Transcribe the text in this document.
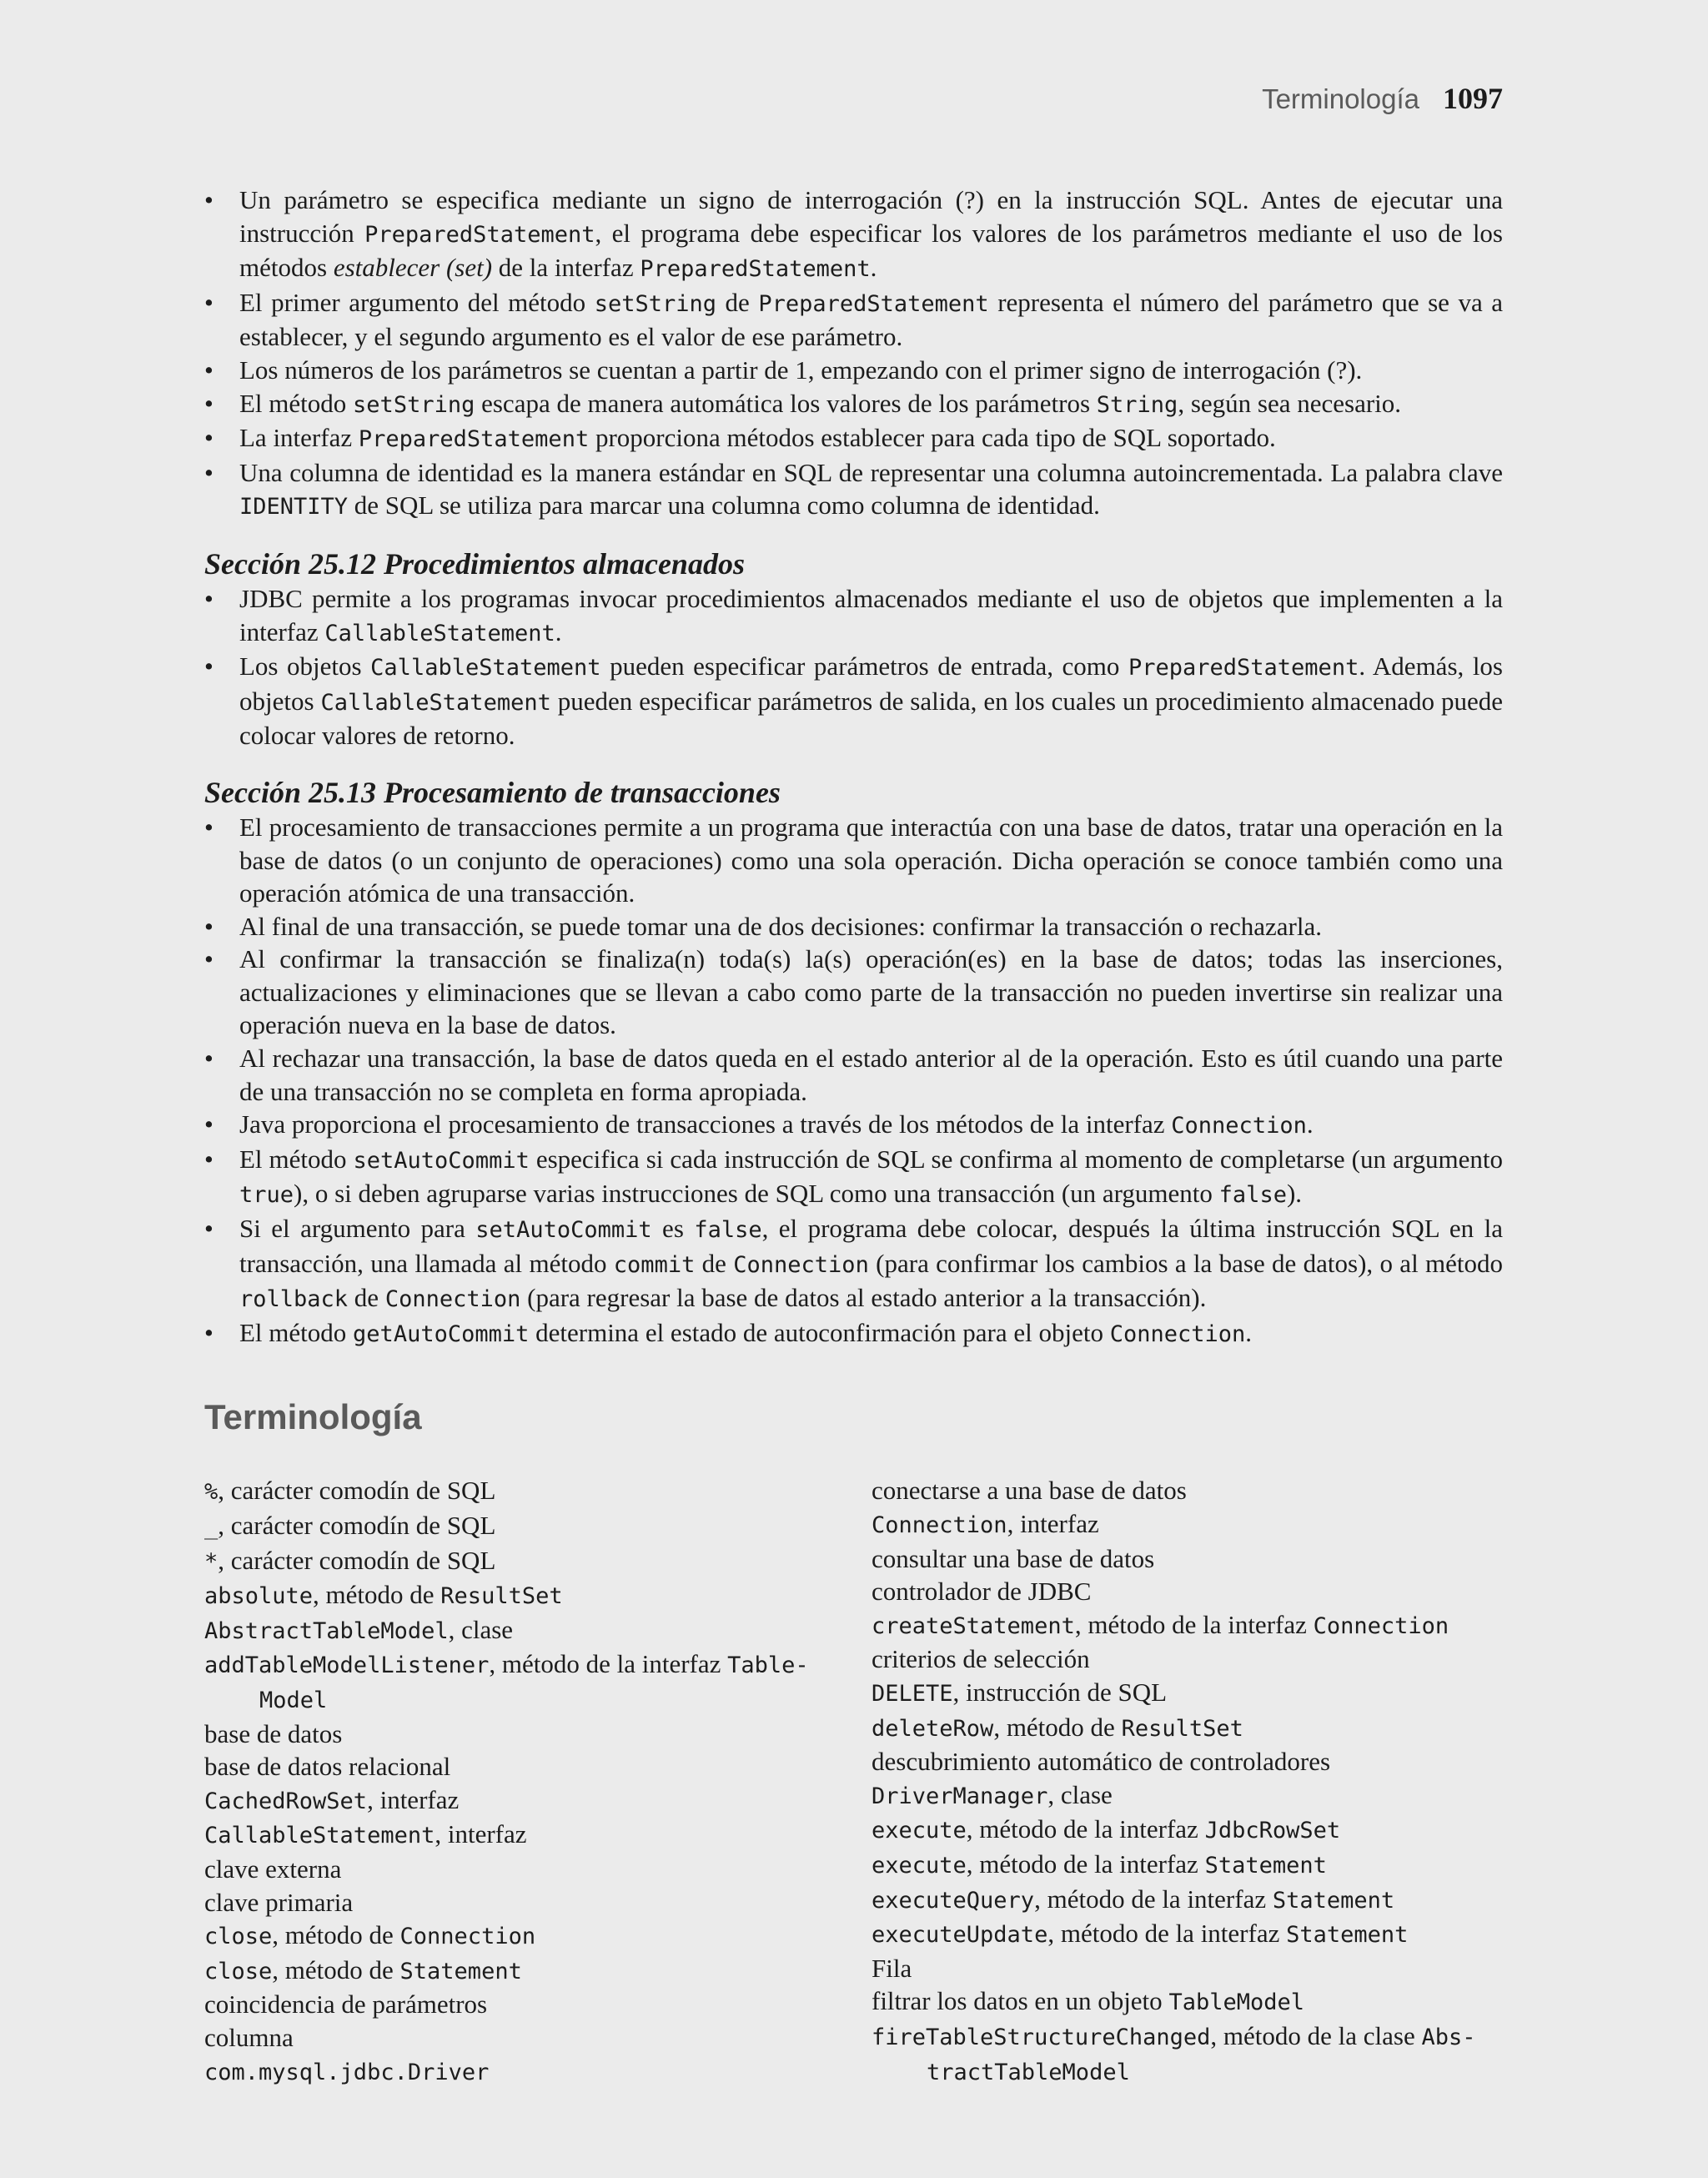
Terminología 1097
• Un parámetro se especifica mediante un signo de interrogación (?) en la instrucción SQL. Antes de ejecutar una instrucción PreparedStatement, el programa debe especificar los valores de los parámetros mediante el uso de los métodos establecer (set) de la interfaz PreparedStatement.
• El primer argumento del método setString de PreparedStatement representa el número del parámetro que se va a establecer, y el segundo argumento es el valor de ese parámetro.
• Los números de los parámetros se cuentan a partir de 1, empezando con el primer signo de interrogación (?).
• El método setString escapa de manera automática los valores de los parámetros String, según sea necesario.
• La interfaz PreparedStatement proporciona métodos establecer para cada tipo de SQL soportado.
• Una columna de identidad es la manera estándar en SQL de representar una columna autoincrementada. La palabra clave IDENTITY de SQL se utiliza para marcar una columna como columna de identidad.
Sección 25.12 Procedimientos almacenados
• JDBC permite a los programas invocar procedimientos almacenados mediante el uso de objetos que implementen a la interfaz CallableStatement.
• Los objetos CallableStatement pueden especificar parámetros de entrada, como PreparedStatement. Además, los objetos CallableStatement pueden especificar parámetros de salida, en los cuales un procedimiento almacenado puede colocar valores de retorno.
Sección 25.13 Procesamiento de transacciones
• El procesamiento de transacciones permite a un programa que interactúa con una base de datos, tratar una operación en la base de datos (o un conjunto de operaciones) como una sola operación. Dicha operación se conoce también como una operación atómica de una transacción.
• Al final de una transacción, se puede tomar una de dos decisiones: confirmar la transacción o rechazarla.
• Al confirmar la transacción se finaliza(n) toda(s) la(s) operación(es) en la base de datos; todas las inserciones, actualizaciones y eliminaciones que se llevan a cabo como parte de la transacción no pueden invertirse sin realizar una operación nueva en la base de datos.
• Al rechazar una transacción, la base de datos queda en el estado anterior al de la operación. Esto es útil cuando una parte de una transacción no se completa en forma apropiada.
• Java proporciona el procesamiento de transacciones a través de los métodos de la interfaz Connection.
• El método setAutoCommit especifica si cada instrucción de SQL se confirma al momento de completarse (un argumento true), o si deben agruparse varias instrucciones de SQL como una transacción (un argumento false).
• Si el argumento para setAutoCommit es false, el programa debe colocar, después la última instrucción SQL en la transacción, una llamada al método commit de Connection (para confirmar los cambios a la base de datos), o al método rollback de Connection (para regresar la base de datos al estado anterior a la transacción).
• El método getAutoCommit determina el estado de autoconfirmación para el objeto Connection.
Terminología
%, carácter comodín de SQL
_, carácter comodín de SQL
*, carácter comodín de SQL
absolute, método de ResultSet
AbstractTableModel, clase
addTableModelListener, método de la interfaz Table-Model
base de datos
base de datos relacional
CachedRowSet, interfaz
CallableStatement, interfaz
clave externa
clave primaria
close, método de Connection
close, método de Statement
coincidencia de parámetros
columna
com.mysql.jdbc.Driver
conectarse a una base de datos
Connection, interfaz
consultar una base de datos
controlador de JDBC
createStatement, método de la interfaz Connection
criterios de selección
DELETE, instrucción de SQL
deleteRow, método de ResultSet
descubrimiento automático de controladores
DriverManager, clase
execute, método de la interfaz JdbcRowSet
execute, método de la interfaz Statement
executeQuery, método de la interfaz Statement
executeUpdate, método de la interfaz Statement
Fila
filtrar los datos en un objeto TableModel
fireTableStructureChanged, método de la clase Abs-tractTableModel
